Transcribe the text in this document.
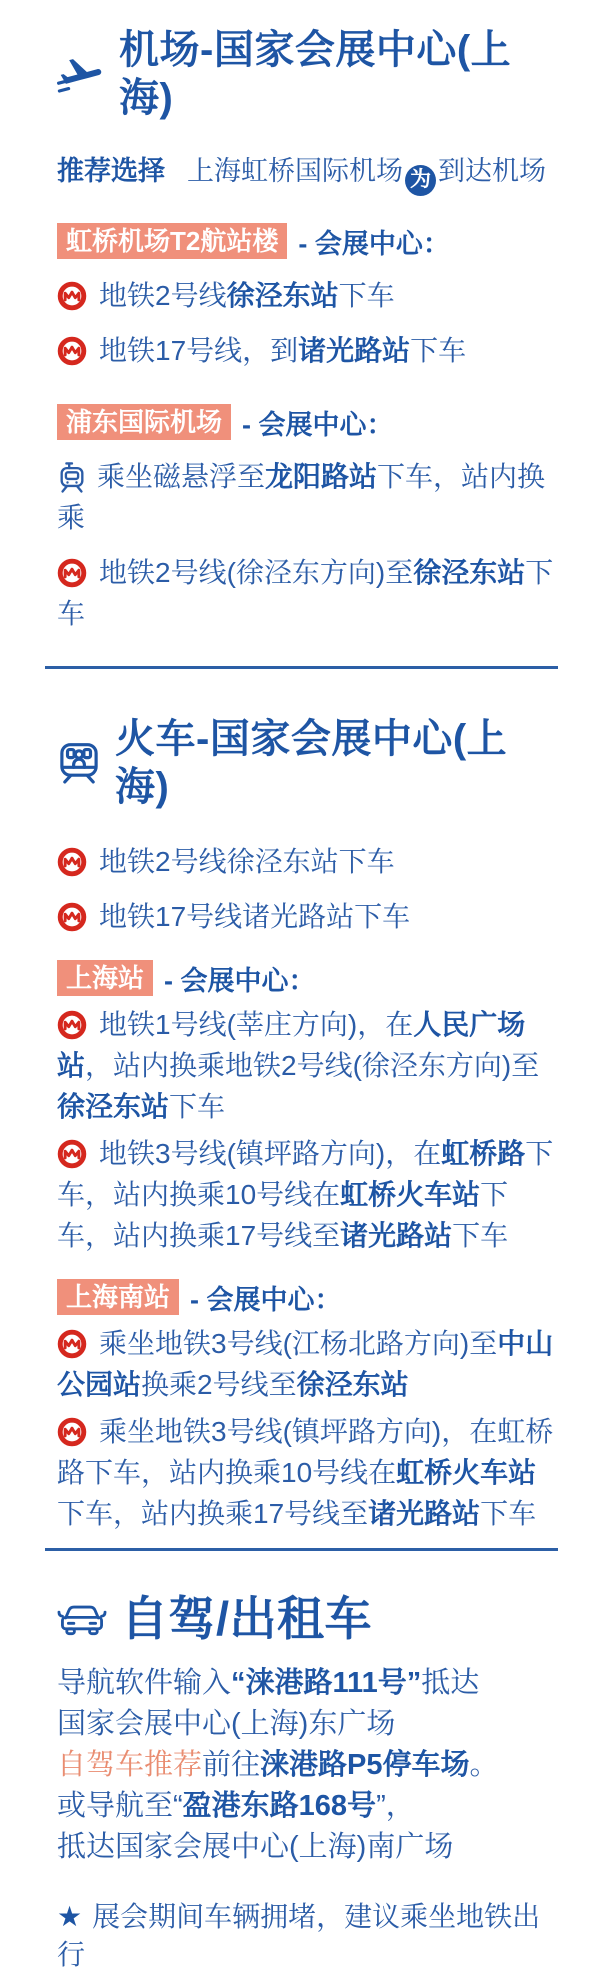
机场-国家会展中心(上海)

推荐选择 上海虹桥国际机场 为 到达机场

虹桥机场T2航站楼 - 会展中心：

地铁2号线徐泾东站下车

地铁17号线，到诸光路站下车

浦东国际机场 - 会展中心：

乘坐磁悬浮至龙阳路站下车，站内换乘

地铁2号线(徐泾东方向)至徐泾东站下车

火车-国家会展中心(上海)

地铁2号线徐泾东站下车

地铁17号线诸光路站下车

上海站 - 会展中心：

地铁1号线(莘庄方向)，在人民广场站，站内换乘地铁2号线(徐泾东方向)至徐泾东站下车

地铁3号线(镇坪路方向)，在虹桥路下车，站内换乘10号线在虹桥火车站下车，站内换乘17号线至诸光路站下车

上海南站 - 会展中心：

乘坐地铁3号线(江杨北路方向)至中山公园站换乘2号线至徐泾东站

乘坐地铁3号线(镇坪路方向)，在虹桥路下车，站内换乘10号线在虹桥火车站下车，站内换乘17号线至诸光路站下车

自驾/出租车

导航软件输入“涞港路111号”抵达

国家会展中心(上海)东广场

自驾车推荐前往涞港路P5停车场。

或导航至“盈港东路168号”，

抵达国家会展中心(上海)南广场

★ 展会期间车辆拥堵，建议乘坐地铁出行
